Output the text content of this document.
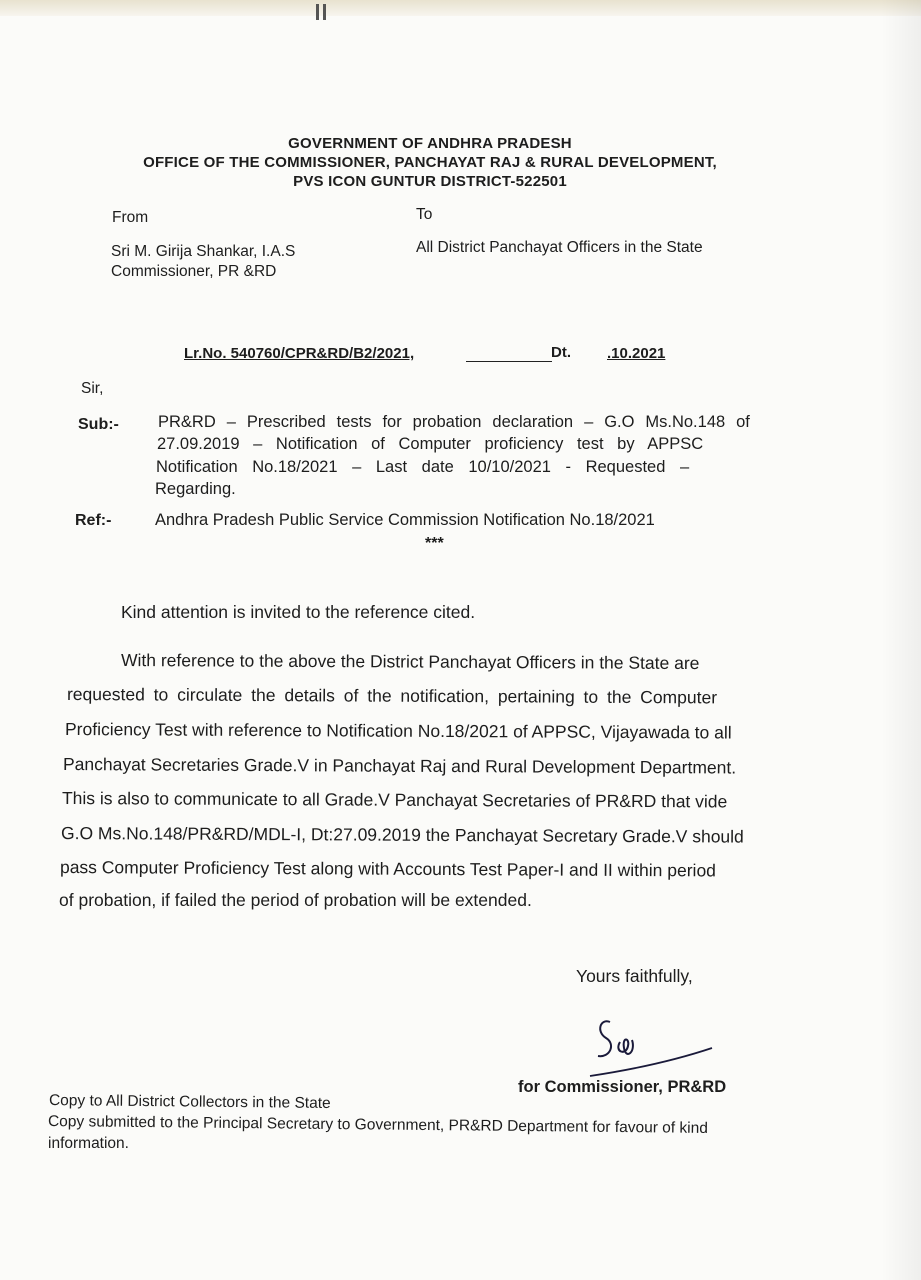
GOVERNMENT OF ANDHRA PRADESH
OFFICE OF THE COMMISSIONER, PANCHAYAT RAJ & RURAL DEVELOPMENT,
PVS ICON GUNTUR DISTRICT-522501
From	To
Sri M. Girija Shankar, I.A.S
Commissioner, PR &RD
All District Panchayat Officers in the State
Lr.No. 540760/CPR&RD/B2/2021,	Dt. .10.2021
Sir,
Sub:- PR&RD – Prescribed tests for probation declaration – G.O Ms.No.148 of
27.09.2019 – Notification of Computer proficiency test by APPSC
Notification No.18/2021 – Last date 10/10/2021 - Requested –
Regarding.
Ref:-	Andhra Pradesh Public Service Commission Notification No.18/2021
***
Kind attention is invited to the reference cited.
With reference to the above the District Panchayat Officers in the State are
requested to circulate the details of the notification, pertaining to the Computer
Proficiency Test with reference to Notification No.18/2021 of APPSC, Vijayawada to all
Panchayat Secretaries Grade.V in Panchayat Raj and Rural Development Department.
This is also to communicate to all Grade.V Panchayat Secretaries of PR&RD that vide
G.O Ms.No.148/PR&RD/MDL-I, Dt:27.09.2019 the Panchayat Secretary Grade.V should
pass Computer Proficiency Test along with Accounts Test Paper-I and II within period
of probation, if failed the period of probation will be extended.
Yours faithfully,
for Commissioner, PR&RD
Copy to All District Collectors in the State
Copy submitted to the Principal Secretary to Government, PR&RD Department for favour of kind
information.
